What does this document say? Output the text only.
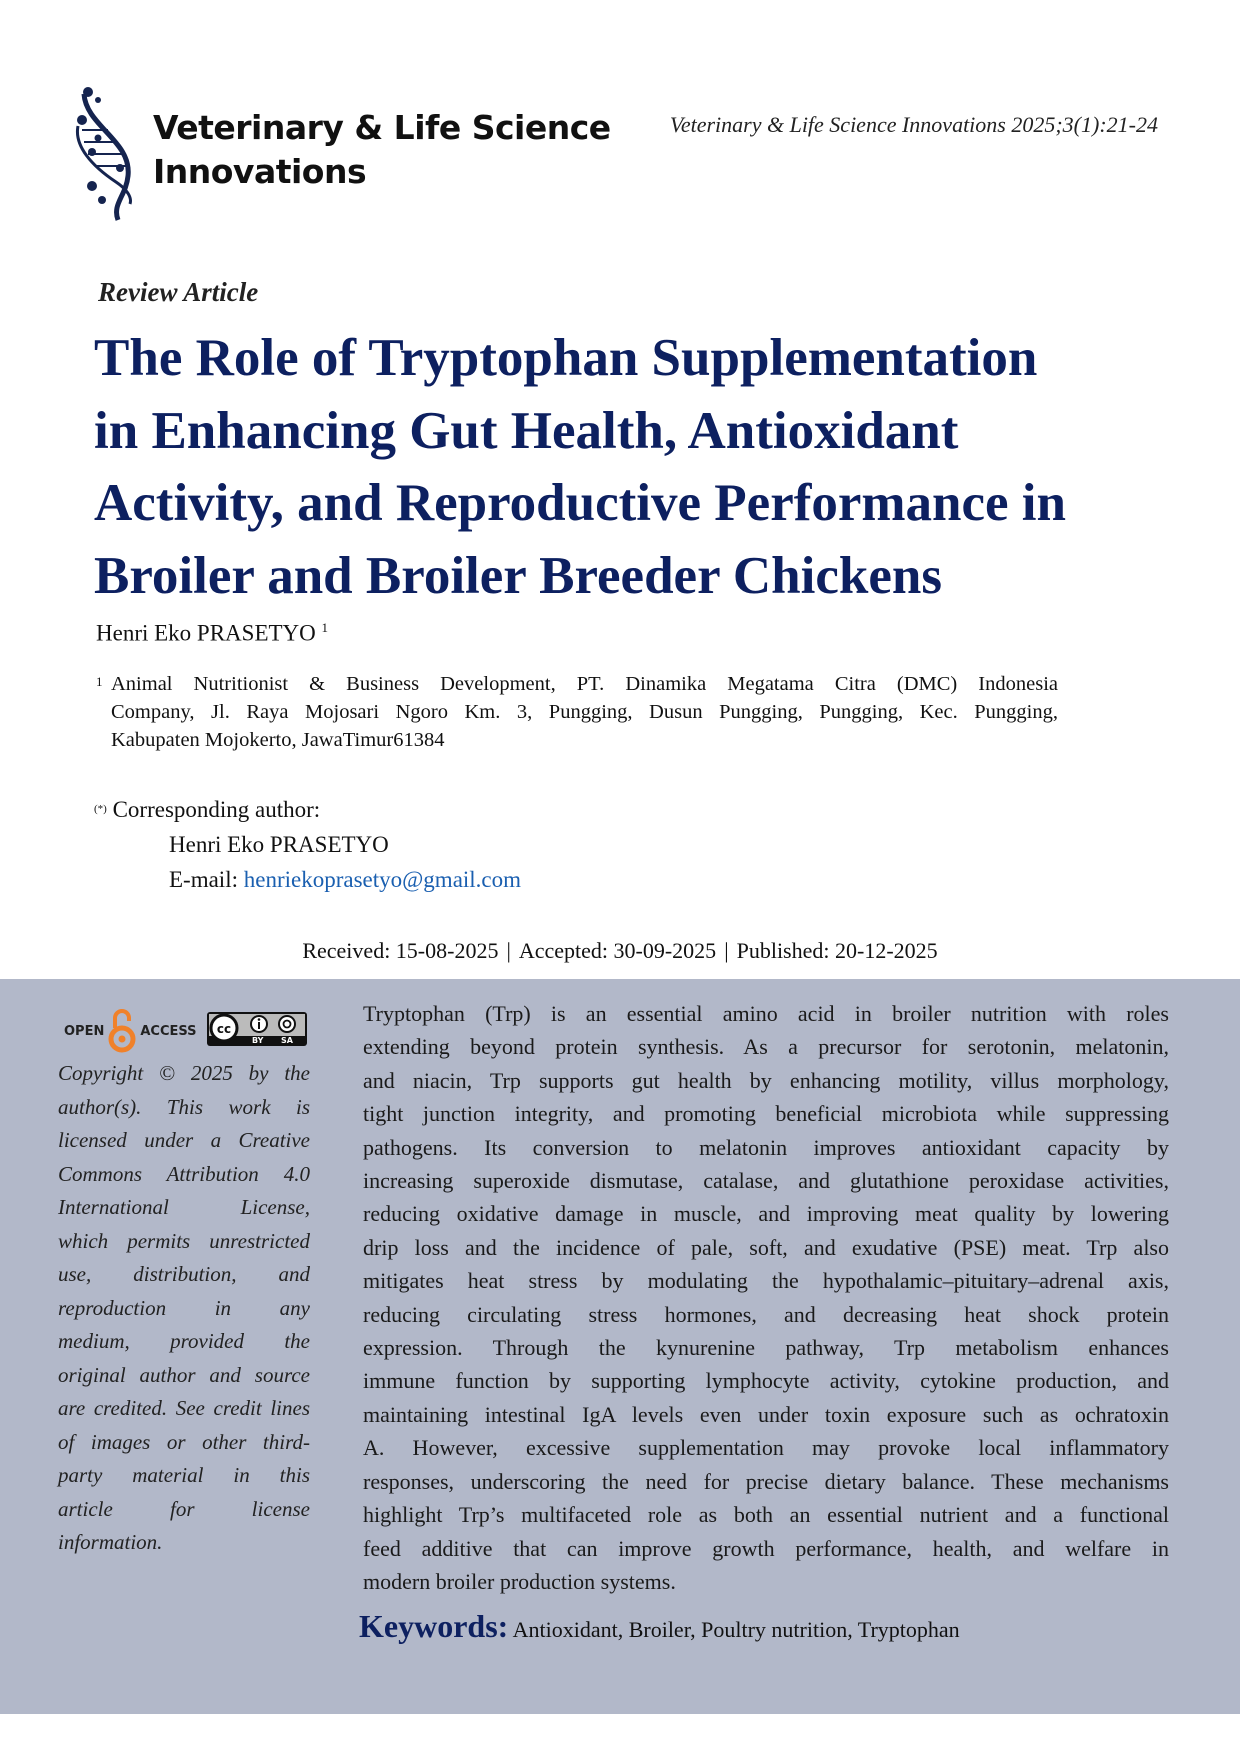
Veterinary & Life Science
Innovations
Veterinary & Life Science Innovations 2025;3(1):21-24
Review Article
The Role of Tryptophan Supplementation
in Enhancing Gut Health, Antioxidant
Activity, and Reproductive Performance in
Broiler and Broiler Breeder Chickens
Henri Eko PRASETYO $^1$
1 Animal Nutritionist & Business Development, PT. Dinamika Megatama Citra (DMC) Indonesia
Company, Jl. Raya Mojosari Ngoro Km. 3, Pungging, Dusun Pungging, Pungging, Kec. Pungging,
Kabupaten Mojokerto, JawaTimur61384
(*) Corresponding author:
Henri Eko PRASETYO
E-mail: henriekoprasetyo@gmail.com
Received: 15-08-2025 | Accepted: 30-09-2025 | Published: 20-12-2025
OPEN	ACCESS cc
BY SA
Copyright © 2025 by the
author(s). This work is
licensed under a Creative
Commons Attribution 4.0
International License,
which permits unrestricted
use, distribution, and
reproduction in any
medium, provided the
original author and source
are credited. See credit lines
of images or other third-
party material in this
article for license
information.
Tryptophan (Trp) is an essential amino acid in broiler nutrition with roles
extending beyond protein synthesis. As a precursor for serotonin, melatonin,
and niacin, Trp supports gut health by enhancing motility, villus morphology,
tight junction integrity, and promoting beneficial microbiota while suppressing
pathogens. Its conversion to melatonin improves antioxidant capacity by
increasing superoxide dismutase, catalase, and glutathione peroxidase activities,
reducing oxidative damage in muscle, and improving meat quality by lowering
drip loss and the incidence of pale, soft, and exudative (PSE) meat. Trp also
mitigates heat stress by modulating the hypothalamic–pituitary–adrenal axis,
reducing circulating stress hormones, and decreasing heat shock protein
expression. Through the kynurenine pathway, Trp metabolism enhances
immune function by supporting lymphocyte activity, cytokine production, and
maintaining intestinal IgA levels even under toxin exposure such as ochratoxin
A. However, excessive supplementation may provoke local inflammatory
responses, underscoring the need for precise dietary balance. These mechanisms
highlight Trp’s multifaceted role as both an essential nutrient and a functional
feed additive that can improve growth performance, health, and welfare in
modern broiler production systems.
Keywords: Antioxidant, Broiler, Poultry nutrition, Tryptophan
